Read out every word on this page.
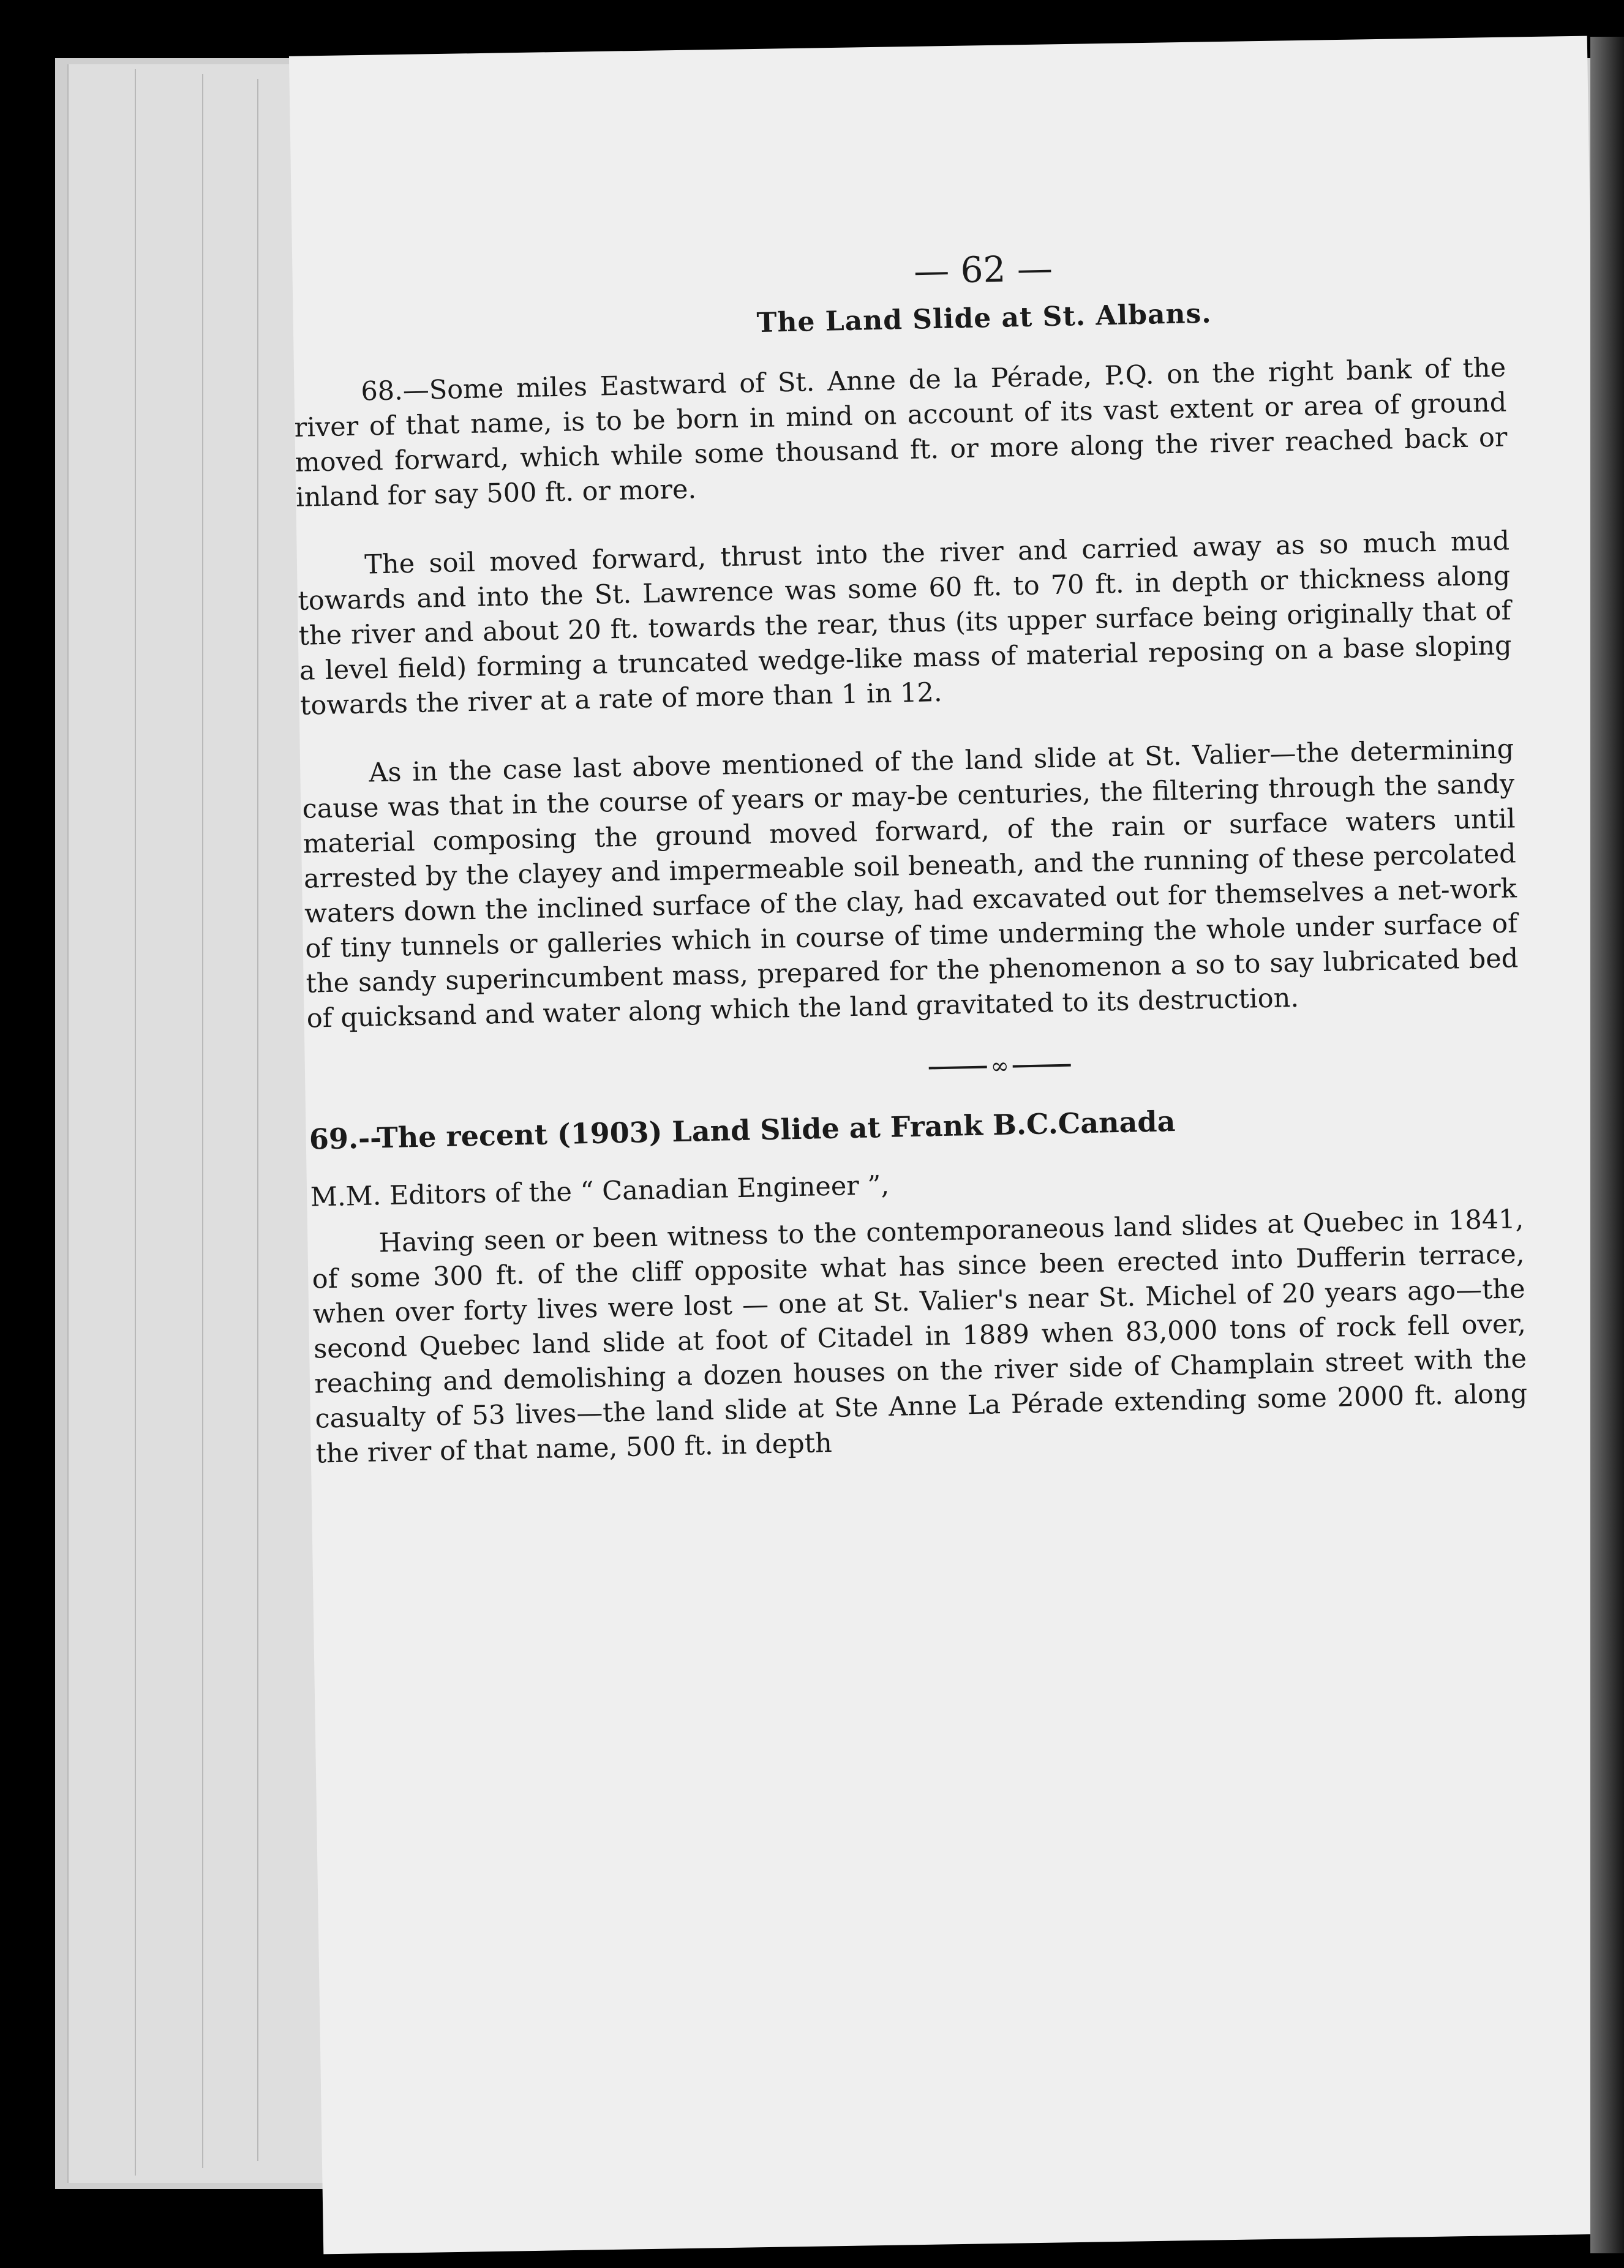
— 62 —
The Land Slide at St. Albans.

68.—Some miles Eastward of St. Anne de la Pérade, P.Q. on the right bank of the river of that name, is to be born in mind on account of its vast extent or area of ground moved forward, which while some thousand ft. or more along the river reached back or inland for say 500 ft. or more.

The soil moved forward, thrust into the river and carried away as so much mud towards and into the St. Lawrence was some 60 ft. to 70 ft. in depth or thickness along the river and about 20 ft. towards the rear, thus (its upper surface being originally that of a level field) forming a truncated wedge-like mass of material reposing on a base sloping towards the river at a rate of more than 1 in 12.

As in the case last above mentioned of the land slide at St. Valier—the determining cause was that in the course of years or may-be centuries, the filtering through the sandy material composing the ground moved forward, of the rain or surface waters until arrested by the clayey and impermeable soil beneath, and the running of these percolated waters down the inclined surface of the clay, had excavated out for themselves a net-work of tiny tunnels or galleries which in course of time underming the whole under surface of the sandy superincumbent mass, prepared for the phenomenon a so to say lubricated bed of quicksand and water along which the land gravitated to its destruction.

∞
69.--The recent (1903) Land Slide at Frank B.C.Canada
M.M. Editors of the “ Canadian Engineer ”,

Having seen or been witness to the contemporaneous land slides at Quebec in 1841, of some 300 ft. of the cliff opposite what has since been erected into Dufferin terrace, when over forty lives were lost — one at St. Valier's near St. Michel of 20 years ago—the second Quebec land slide at foot of Citadel in 1889 when 83,000 tons of rock fell over, reaching and demolishing a dozen houses on the river side of Champlain street with the casualty of 53 lives—the land slide at Ste Anne La Pérade extending some 2000 ft. along the river of that name, 500 ft. in depth
